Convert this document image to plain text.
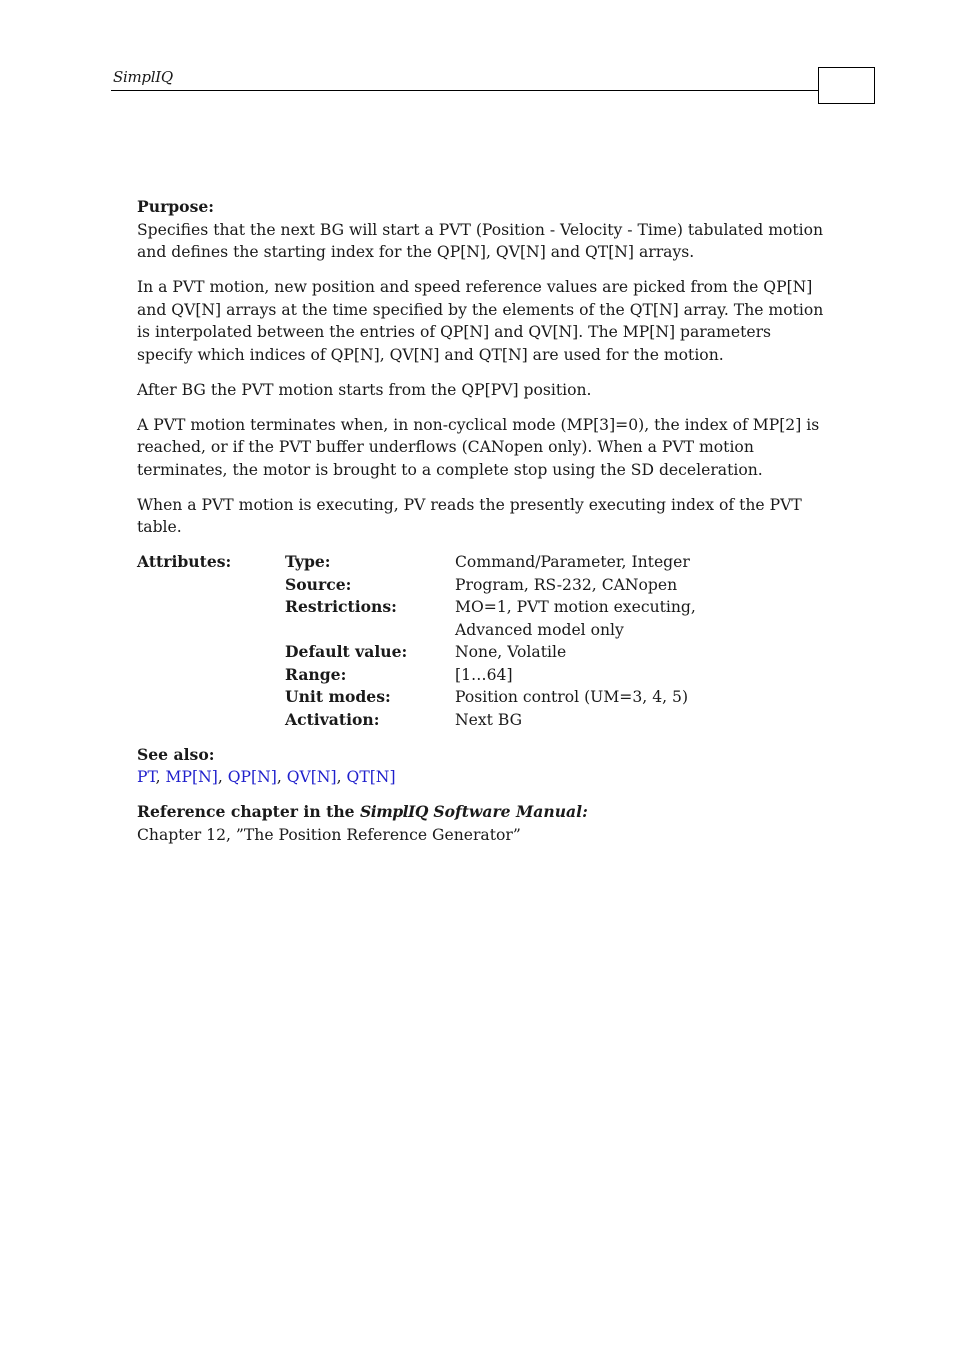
SimplIQ
Purpose:

Specifies that the next BG will start a PVT (Position - Velocity - Time) tabulated motion and defines the starting index for the QP[N], QV[N] and QT[N] arrays.

In a PVT motion, new position and speed reference values are picked from the QP[N] and QV[N] arrays at the time specified by the elements of the QT[N] array. The motion is interpolated between the entries of QP[N] and QV[N]. The MP[N] parameters specify which indices of QP[N], QV[N] and QT[N] are used for the motion.

After BG the PVT motion starts from the QP[PV] position.

A PVT motion terminates when, in non-cyclical mode (MP[3]=0), the index of MP[2] is reached, or if the PVT buffer underflows (CANopen only). When a PVT motion terminates, the motor is brought to a complete stop using the SD deceleration.

When a PVT motion is executing, PV reads the presently executing index of the PVT table.

Attributes:	Type:	Command/Parameter, Integer
Source:	Program, RS-232, CANopen
Restrictions:	MO=1, PVT motion executing,
Advanced model only
Default value:	None, Volatile
Range:	[1…64]
Unit modes:	Position control (UM=3, 4, 5)
Activation:	Next BG
See also:
PT, MP[N], QP[N], QV[N], QT[N]
Reference chapter in the SimplIQ Software Manual:
Chapter 12, ”The Position Reference Generator”
